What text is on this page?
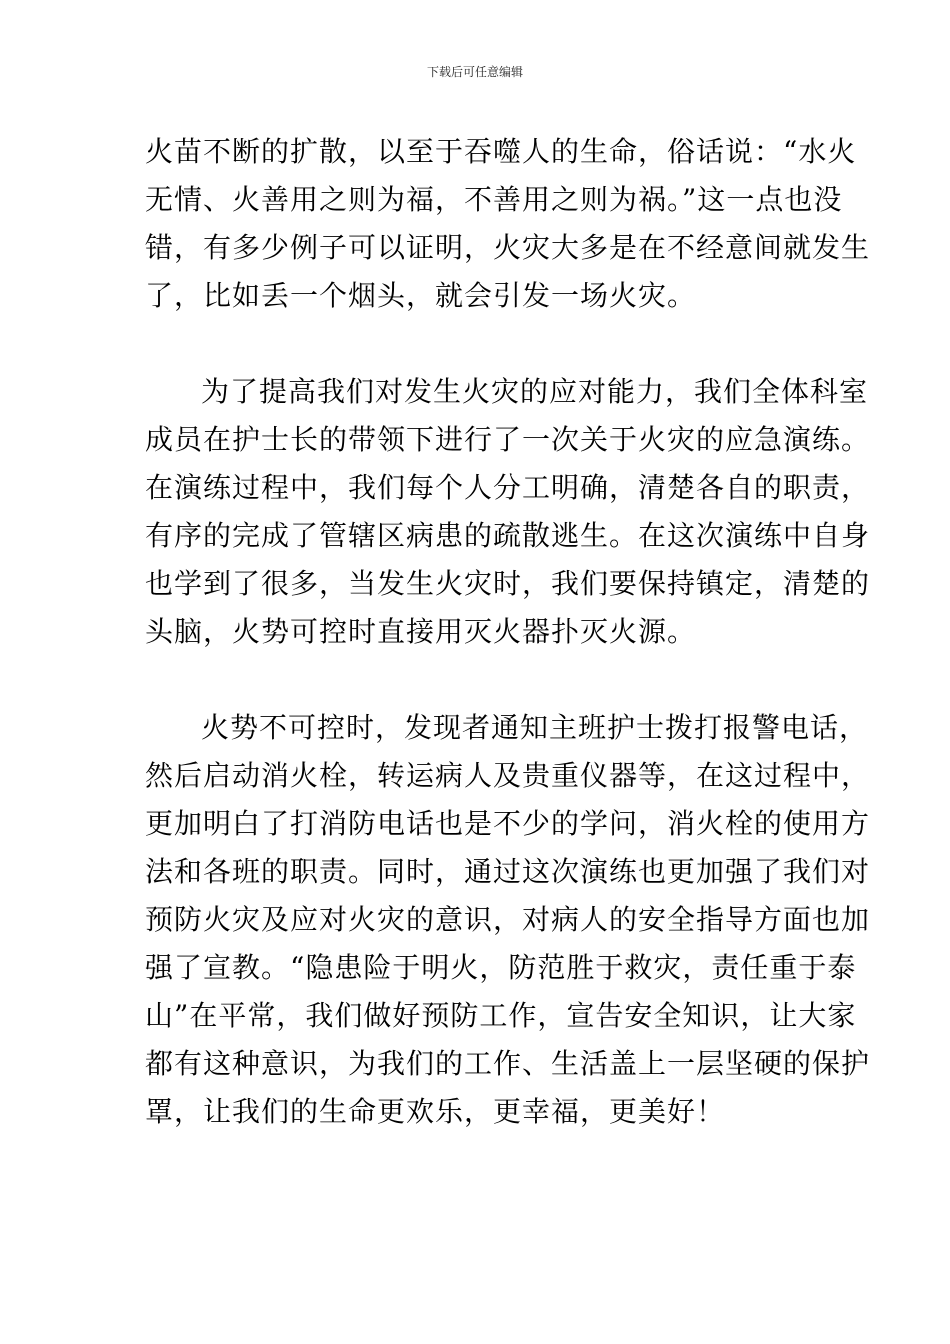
下载后可任意编辑

火苗不断的扩散，以至于吞噬人的生命，俗话说：“水火
无情、火善用之则为福，不善用之则为祸。”这一点也没
错，有多少例子可以证明，火灾大多是在不经意间就发生
了，比如丢一个烟头，就会引发一场火灾。

为了提高我们对发生火灾的应对能力，我们全体科室
成员在护士长的带领下进行了一次关于火灾的应急演练。
在演练过程中，我们每个人分工明确，清楚各自的职责，
有序的完成了管辖区病患的疏散逃生。在这次演练中自身
也学到了很多，当发生火灾时，我们要保持镇定，清楚的
头脑，火势可控时直接用灭火器扑灭火源。

火势不可控时，发现者通知主班护士拨打报警电话，
然后启动消火栓，转运病人及贵重仪器等，在这过程中，
更加明白了打消防电话也是不少的学问，消火栓的使用方
法和各班的职责。同时，通过这次演练也更加强了我们对
预防火灾及应对火灾的意识，对病人的安全指导方面也加
强了宣教。“隐患险于明火，防范胜于救灾，责任重于泰
山”在平常，我们做好预防工作，宣告安全知识，让大家
都有这种意识，为我们的工作、生活盖上一层坚硬的保护
罩，让我们的生命更欢乐，更幸福，更美好！
